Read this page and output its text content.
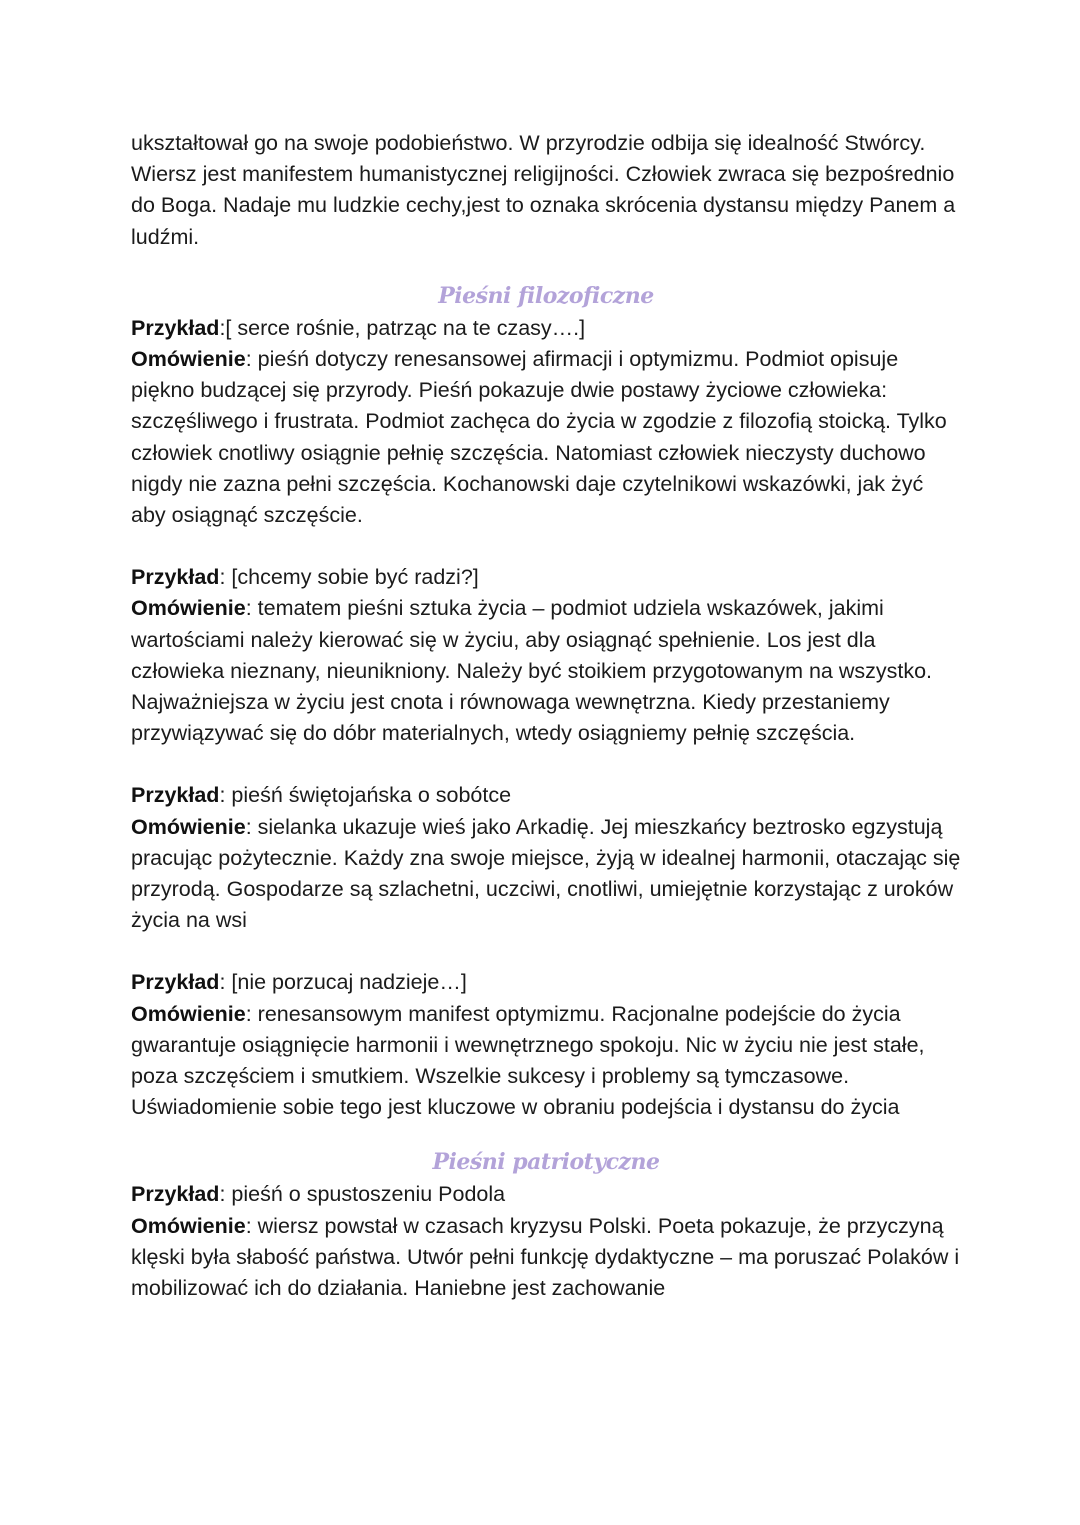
ukształtował go na swoje podobieństwo. W przyrodzie odbija się idealność Stwórcy. Wiersz jest manifestem humanistycznej religijności. Człowiek zwraca się bezpośrednio do Boga. Nadaje mu ludzkie cechy,jest to oznaka skrócenia dystansu między Panem a ludźmi.

Pieśni filozoficzne

Przykład:[ serce rośnie, patrząc na te czasy….]

Omówienie: pieśń dotyczy renesansowej afirmacji i optymizmu. Podmiot opisuje piękno budzącej się przyrody. Pieśń pokazuje dwie postawy życiowe człowieka: szczęśliwego i frustrata. Podmiot zachęca do życia w zgodzie z filozofią stoicką. Tylko człowiek cnotliwy osiągnie pełnię szczęścia. Natomiast człowiek nieczysty duchowo nigdy nie zazna pełni szczęścia. Kochanowski daje czytelnikowi wskazówki, jak żyć aby osiągnąć szczęście.

Przykład: [chcemy sobie być radzi?]

Omówienie: tematem pieśni sztuka życia – podmiot udziela wskazówek, jakimi wartościami należy kierować się w życiu, aby osiągnąć spełnienie. Los jest dla człowieka nieznany, nieunikniony. Należy być stoikiem przygotowanym na wszystko. Najważniejsza w życiu jest cnota i równowaga wewnętrzna. Kiedy przestaniemy przywiązywać się do dóbr materialnych, wtedy osiągniemy pełnię szczęścia.

Przykład: pieśń świętojańska o sobótce

Omówienie: sielanka ukazuje wieś jako Arkadię. Jej mieszkańcy beztrosko egzystują pracując pożytecznie. Każdy zna swoje miejsce, żyją w idealnej harmonii, otaczając się przyrodą. Gospodarze są szlachetni, uczciwi, cnotliwi, umiejętnie korzystając z uroków życia na wsi

Przykład: [nie porzucaj nadzieje…]

Omówienie: renesansowym manifest optymizmu. Racjonalne podejście do życia gwarantuje osiągnięcie harmonii i wewnętrznego spokoju. Nic w życiu nie jest stałe, poza szczęściem i smutkiem. Wszelkie sukcesy i problemy są tymczasowe. Uświadomienie sobie tego jest kluczowe w obraniu podejścia i dystansu do życia

Pieśni patriotyczne

Przykład: pieśń o spustoszeniu Podola

Omówienie: wiersz powstał w czasach kryzysu Polski. Poeta pokazuje, że przyczyną klęski była słabość państwa. Utwór pełni funkcję dydaktyczne – ma poruszać Polaków i mobilizować ich do działania. Haniebne jest zachowanie
